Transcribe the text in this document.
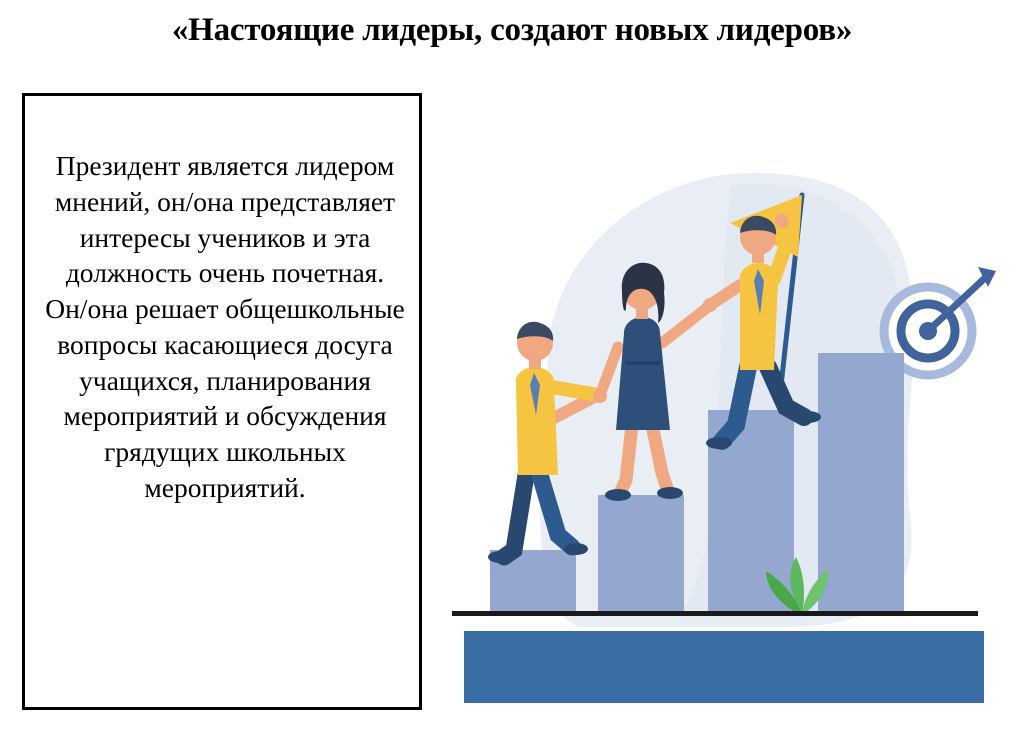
«Настоящие лидеры, создают новых лидеров»

Президент является лидером мнений, он/она представляет интересы учеников и эта должность очень почетная.

Он/она решает общешкольные вопросы касающиеся досуга учащихся, планирования мероприятий и обсуждения грядущих школьных мероприятий.
